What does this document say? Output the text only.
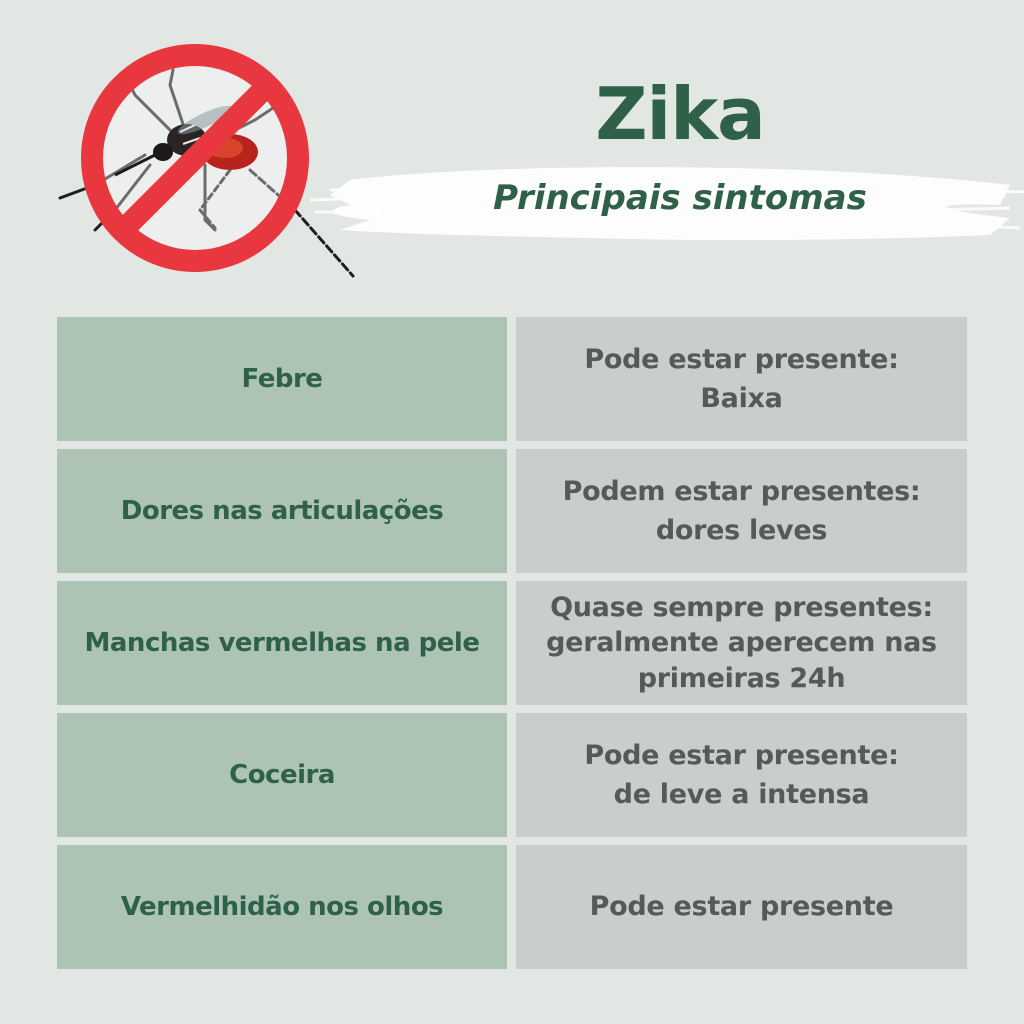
Zika
Principais sintomas
Febre
Pode estar presente:
Baixa
Dores nas articulações
Podem estar presentes:
dores leves
Manchas vermelhas na pele
Quase sempre presentes:
geralmente aperecem nas
primeiras 24h
Coceira
Pode estar presente:
de leve a intensa
Vermelhidão nos olhos	Pode estar presente
